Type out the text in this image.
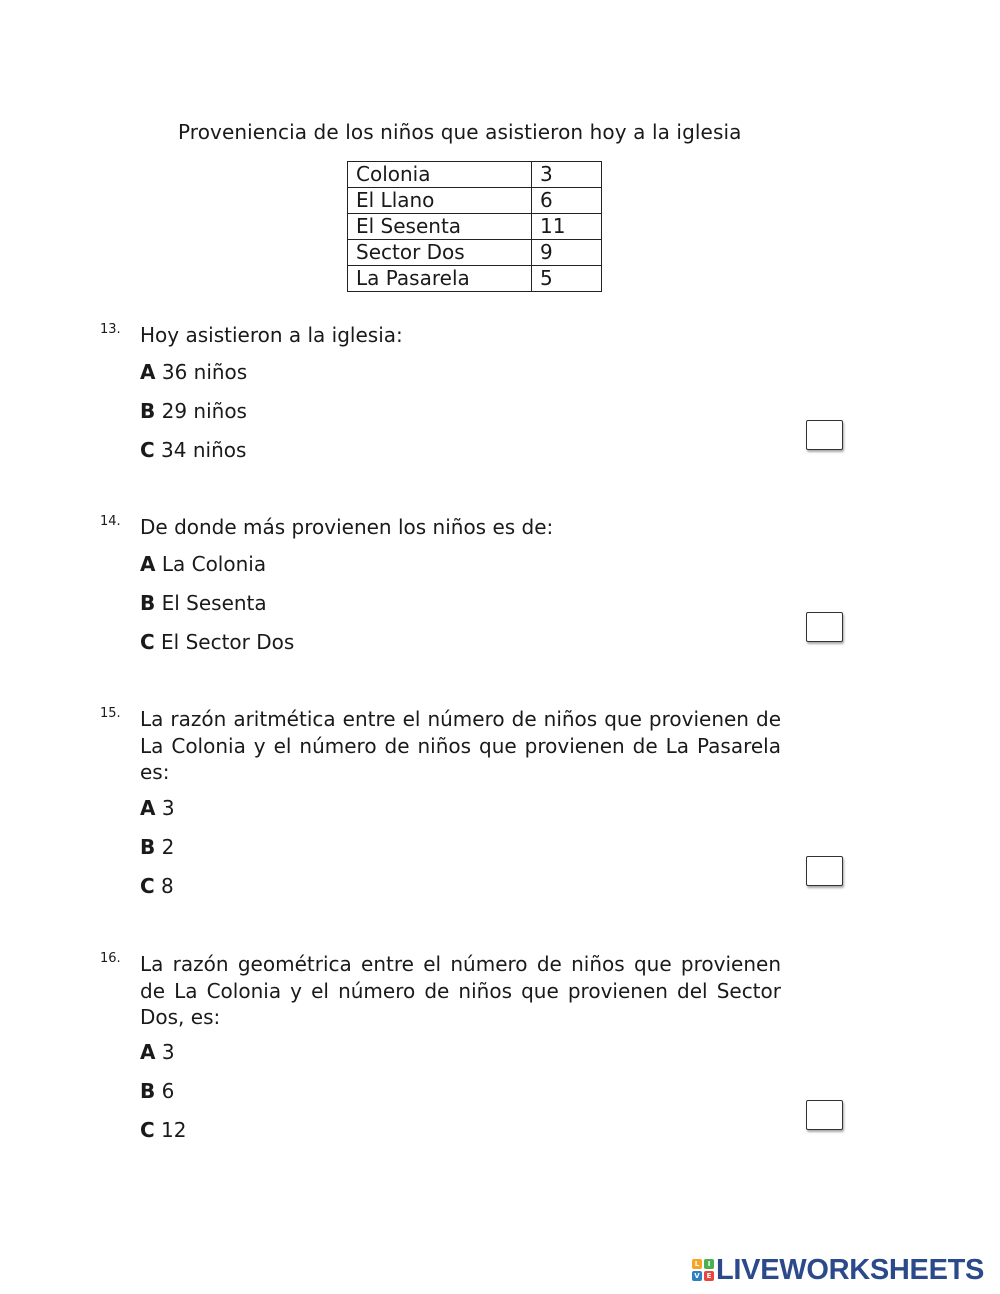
Proveniencia de los niños que asistieron hoy a la iglesia
Colonia	3
El Llano	6
El Sesenta	11
Sector Dos	9
La Pasarela	5
13. Hoy asistieron a la iglesia:
A 36 niños
B 29 niños
C 34 niños
14. De donde más provienen los niños es de:
A La Colonia
B El Sesenta
C El Sector Dos
15. La razón aritmética entre el número de niños que provienen de La Colonia y el número de niños que provienen de La Pasarela es:
A 3
B 2
C 8
16. La razón geométrica entre el número de niños que provienen de La Colonia y el número de niños que provienen del Sector Dos, es:
A 3
B 6
C 12
L	I
V E LIVEWORKSHEETS
